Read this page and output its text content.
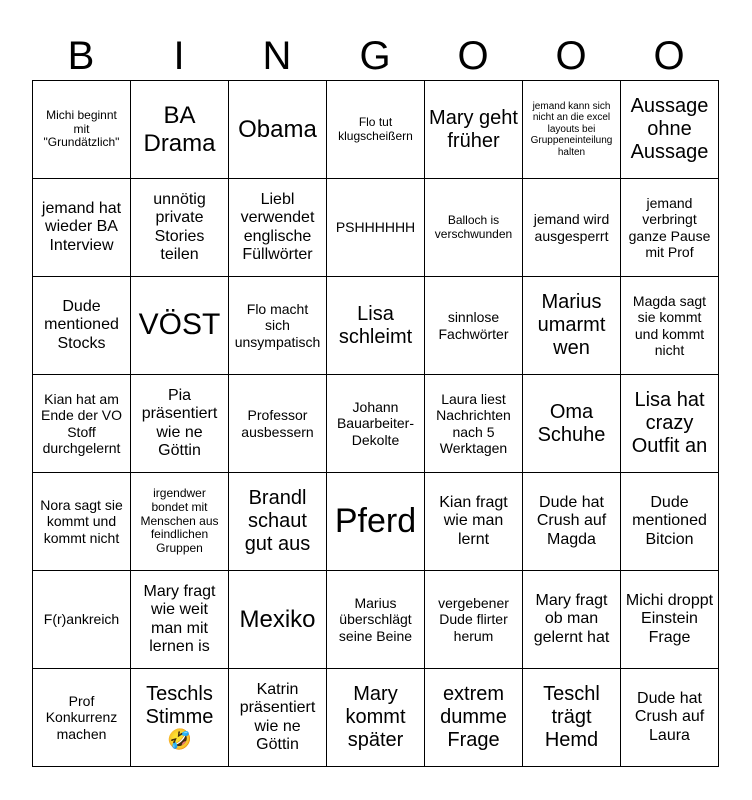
B	I	N	G	O	O	O
Michi beginnt mit "Grundätzlich"	BA Drama	Obama	Flo tut klugscheißern	Mary geht früher	jemand kann sich nicht an die excel layouts bei Gruppeneinteilung halten	Aussage ohne Aussage
jemand hat wieder BA Interview	unnötig private Stories teilen	Liebl verwendet englische Füllwörter	PSHHHHHH	Balloch is verschwunden	jemand wird ausgesperrt	jemand verbringt ganze Pause mit Prof
Dude mentioned Stocks	VÖST	Flo macht sich unsympatisch	Lisa schleimt	sinnlose Fachwörter	Marius umarmt wen	Magda sagt sie kommt und kommt nicht
Kian hat am Ende der VO Stoff durchgelernt	Pia präsentiert wie ne Göttin	Professor ausbessern	Johann Bauarbeiter-Dekolte	Laura liest Nachrichten nach 5 Werktagen	Oma Schuhe	Lisa hat crazy Outfit an
Nora sagt sie kommt und kommt nicht	irgendwer bondet mit Menschen aus feindlichen Gruppen	Brandl schaut gut aus	Pferd	Kian fragt wie man lernt	Dude hat Crush auf Magda	Dude mentioned Bitcion
F(r)ankreich	Mary fragt wie weit man mit lernen is	Mexiko	Marius überschlägt seine Beine	vergebener Dude flirter herum	Mary fragt ob man gelernt hat	Michi droppt Einstein Frage
Prof Konkurrenz machen	Teschls Stimme 🤣	Katrin präsentiert wie ne Göttin	Mary kommt später	extrem dumme Frage	Teschl trägt Hemd	Dude hat Crush auf Laura
